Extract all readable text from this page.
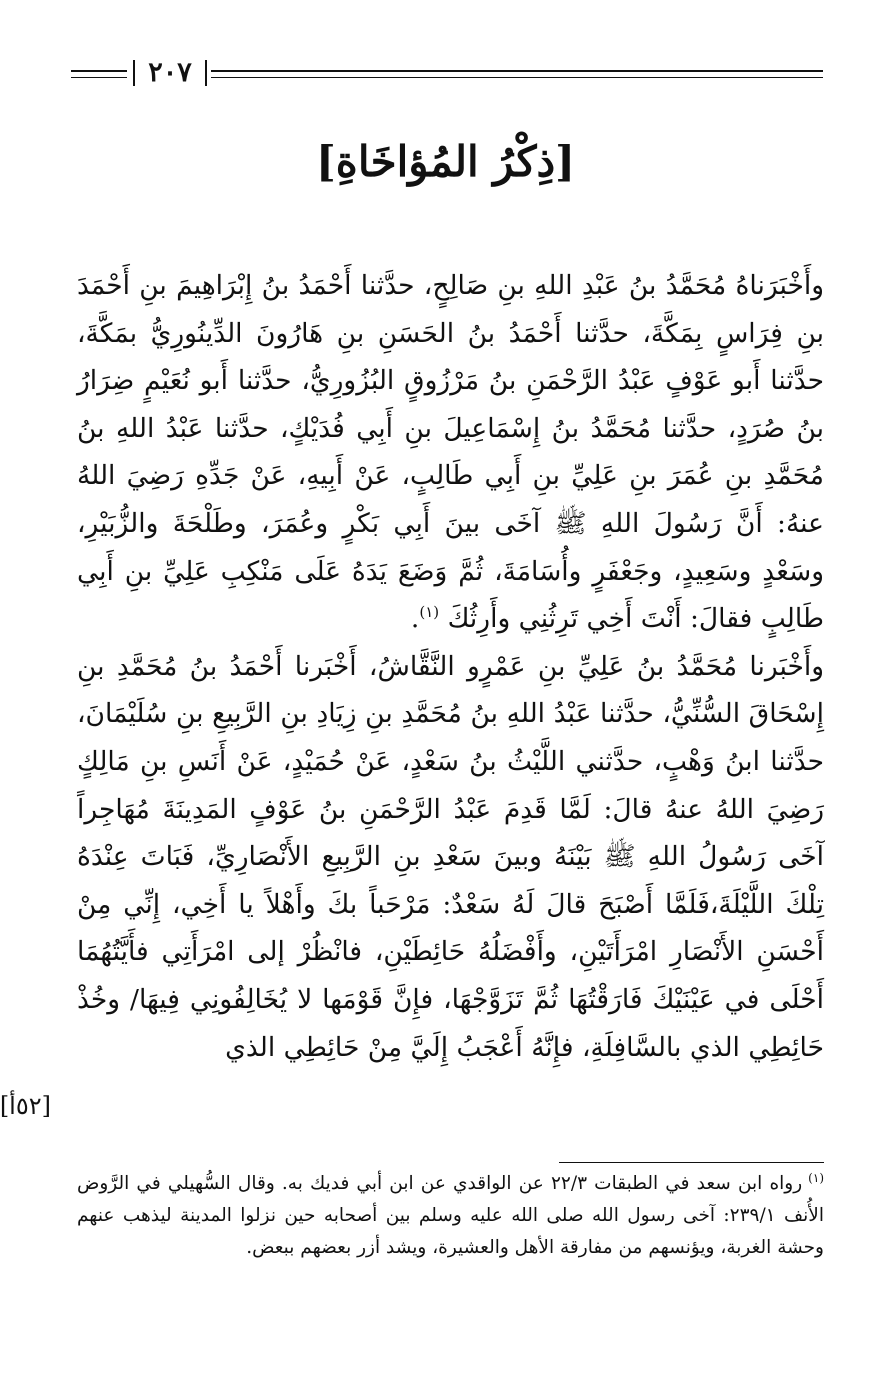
٢٠٧
[ذِكْرُ المُؤاخَاةِ]

وأَخْبَرَناهُ مُحَمَّدُ بنُ عَبْدِ اللهِ بنِ صَالِحٍ، حدَّثنا أَحْمَدُ بنُ إِبْرَاهِيمَ بنِ أَحْمَدَ بنِ فِرَاسٍ بِمَكَّةَ، حدَّثنا أَحْمَدُ بنُ الحَسَنِ بنِ هَارُونَ الدِّينُورِيُّ بمَكَّةَ، حدَّثنا أَبو عَوْفٍ عَبْدُ الرَّحْمَنِ بنُ مَرْزُوقٍ البُزُورِيُّ، حدَّثنا أَبو نُعَيْمٍ ضِرَارُ بنُ صُرَدٍ، حدَّثنا مُحَمَّدُ بنُ إِسْمَاعِيلَ بنِ أَبِي فُدَيْكٍ، حدَّثنا عَبْدُ اللهِ بنُ مُحَمَّدِ بنِ عُمَرَ بنِ عَلِيِّ بنِ أَبِي طَالِبٍ، عَنْ أَبِيهِ، عَنْ جَدِّهِ رَضِيَ اللهُ عنهُ: أَنَّ رَسُولَ اللهِ ﷺ آخَى بينَ أَبِي بَكْرٍ وعُمَرَ، وطَلْحَةَ والزُّبَيْرِ، وسَعْدٍ وسَعِيدٍ، وجَعْفَرٍ وأُسَامَةَ، ثُمَّ وَضَعَ يَدَهُ عَلَى مَنْكِبِ عَلِيِّ بنِ أَبِي طَالِبٍ فقالَ: أَنْتَ أَخِي تَرِثُنِي وأَرِثُكَ $^{(١)}$.

وأَخْبَرنا مُحَمَّدُ بنُ عَلِيِّ بنِ عَمْرٍو النَّقَّاشُ، أَخْبَرنا أَحْمَدُ بنُ مُحَمَّدِ بنِ إِسْحَاقَ السُّنِّيُّ، حدَّثنا عَبْدُ اللهِ بنُ مُحَمَّدِ بنِ زِيَادِ بنِ الرَّبِيعِ بنِ سُلَيْمَانَ، حدَّثنا ابنُ وَهْبٍ، حدَّثني اللَّيْثُ بنُ سَعْدٍ، عَنْ حُمَيْدٍ، عَنْ أَنَسِ بنِ مَالِكٍ رَضِيَ اللهُ عنهُ قالَ: لَمَّا قَدِمَ عَبْدُ الرَّحْمَنِ بنُ عَوْفٍ المَدِينَةَ مُهَاجِراً آخَى رَسُولُ اللهِ ﷺ بَيْنَهُ وبينَ سَعْدِ بنِ الرَّبِيعِ الأَنْصَارِيِّ، فَبَاتَ عِنْدَهُ تِلْكَ اللَّيْلَةَ،فَلَمَّا أَصْبَحَ قالَ لَهُ سَعْدٌ: مَرْحَباً بكَ وأَهْلاً يا أَخِي، إِنِّي مِنْ أَحْسَنِ الأَنْصَارِ امْرَأَتَيْنِ، وأَفْضَلُهُ حَائِطَيْنِ، فانْظُرْ إلى امْرَأَتِي فأَيَّتُهُمَا أَحْلَى في عَيْنَيْكَ فَارَقْتُهَا ثُمَّ تَزَوَّجْهَا، فإِنَّ قَوْمَها لا يُخَالِفُونِي فِيهَا/ وخُذْ حَائِطِي الذي بالسَّافِلَةِ، فإِنَّهُ أَعْجَبُ إِلَيَّ مِنْ حَائِطِي الذي

[٥٢أ]
$^{(١)}$رواه ابن سعد في الطبقات ٢٢/٣ عن الواقدي عن ابن أبي فديك به. وقال السُّهيلي في الرَّوض الأُنف ٢٣٩/١: آخى رسول الله صلى الله عليه وسلم بين أصحابه حين نزلوا المدينة ليذهب عنهم وحشة الغربة، ويؤنسهم من مفارقة الأهل والعشيرة، ويشد أزر بعضهم ببعض.
